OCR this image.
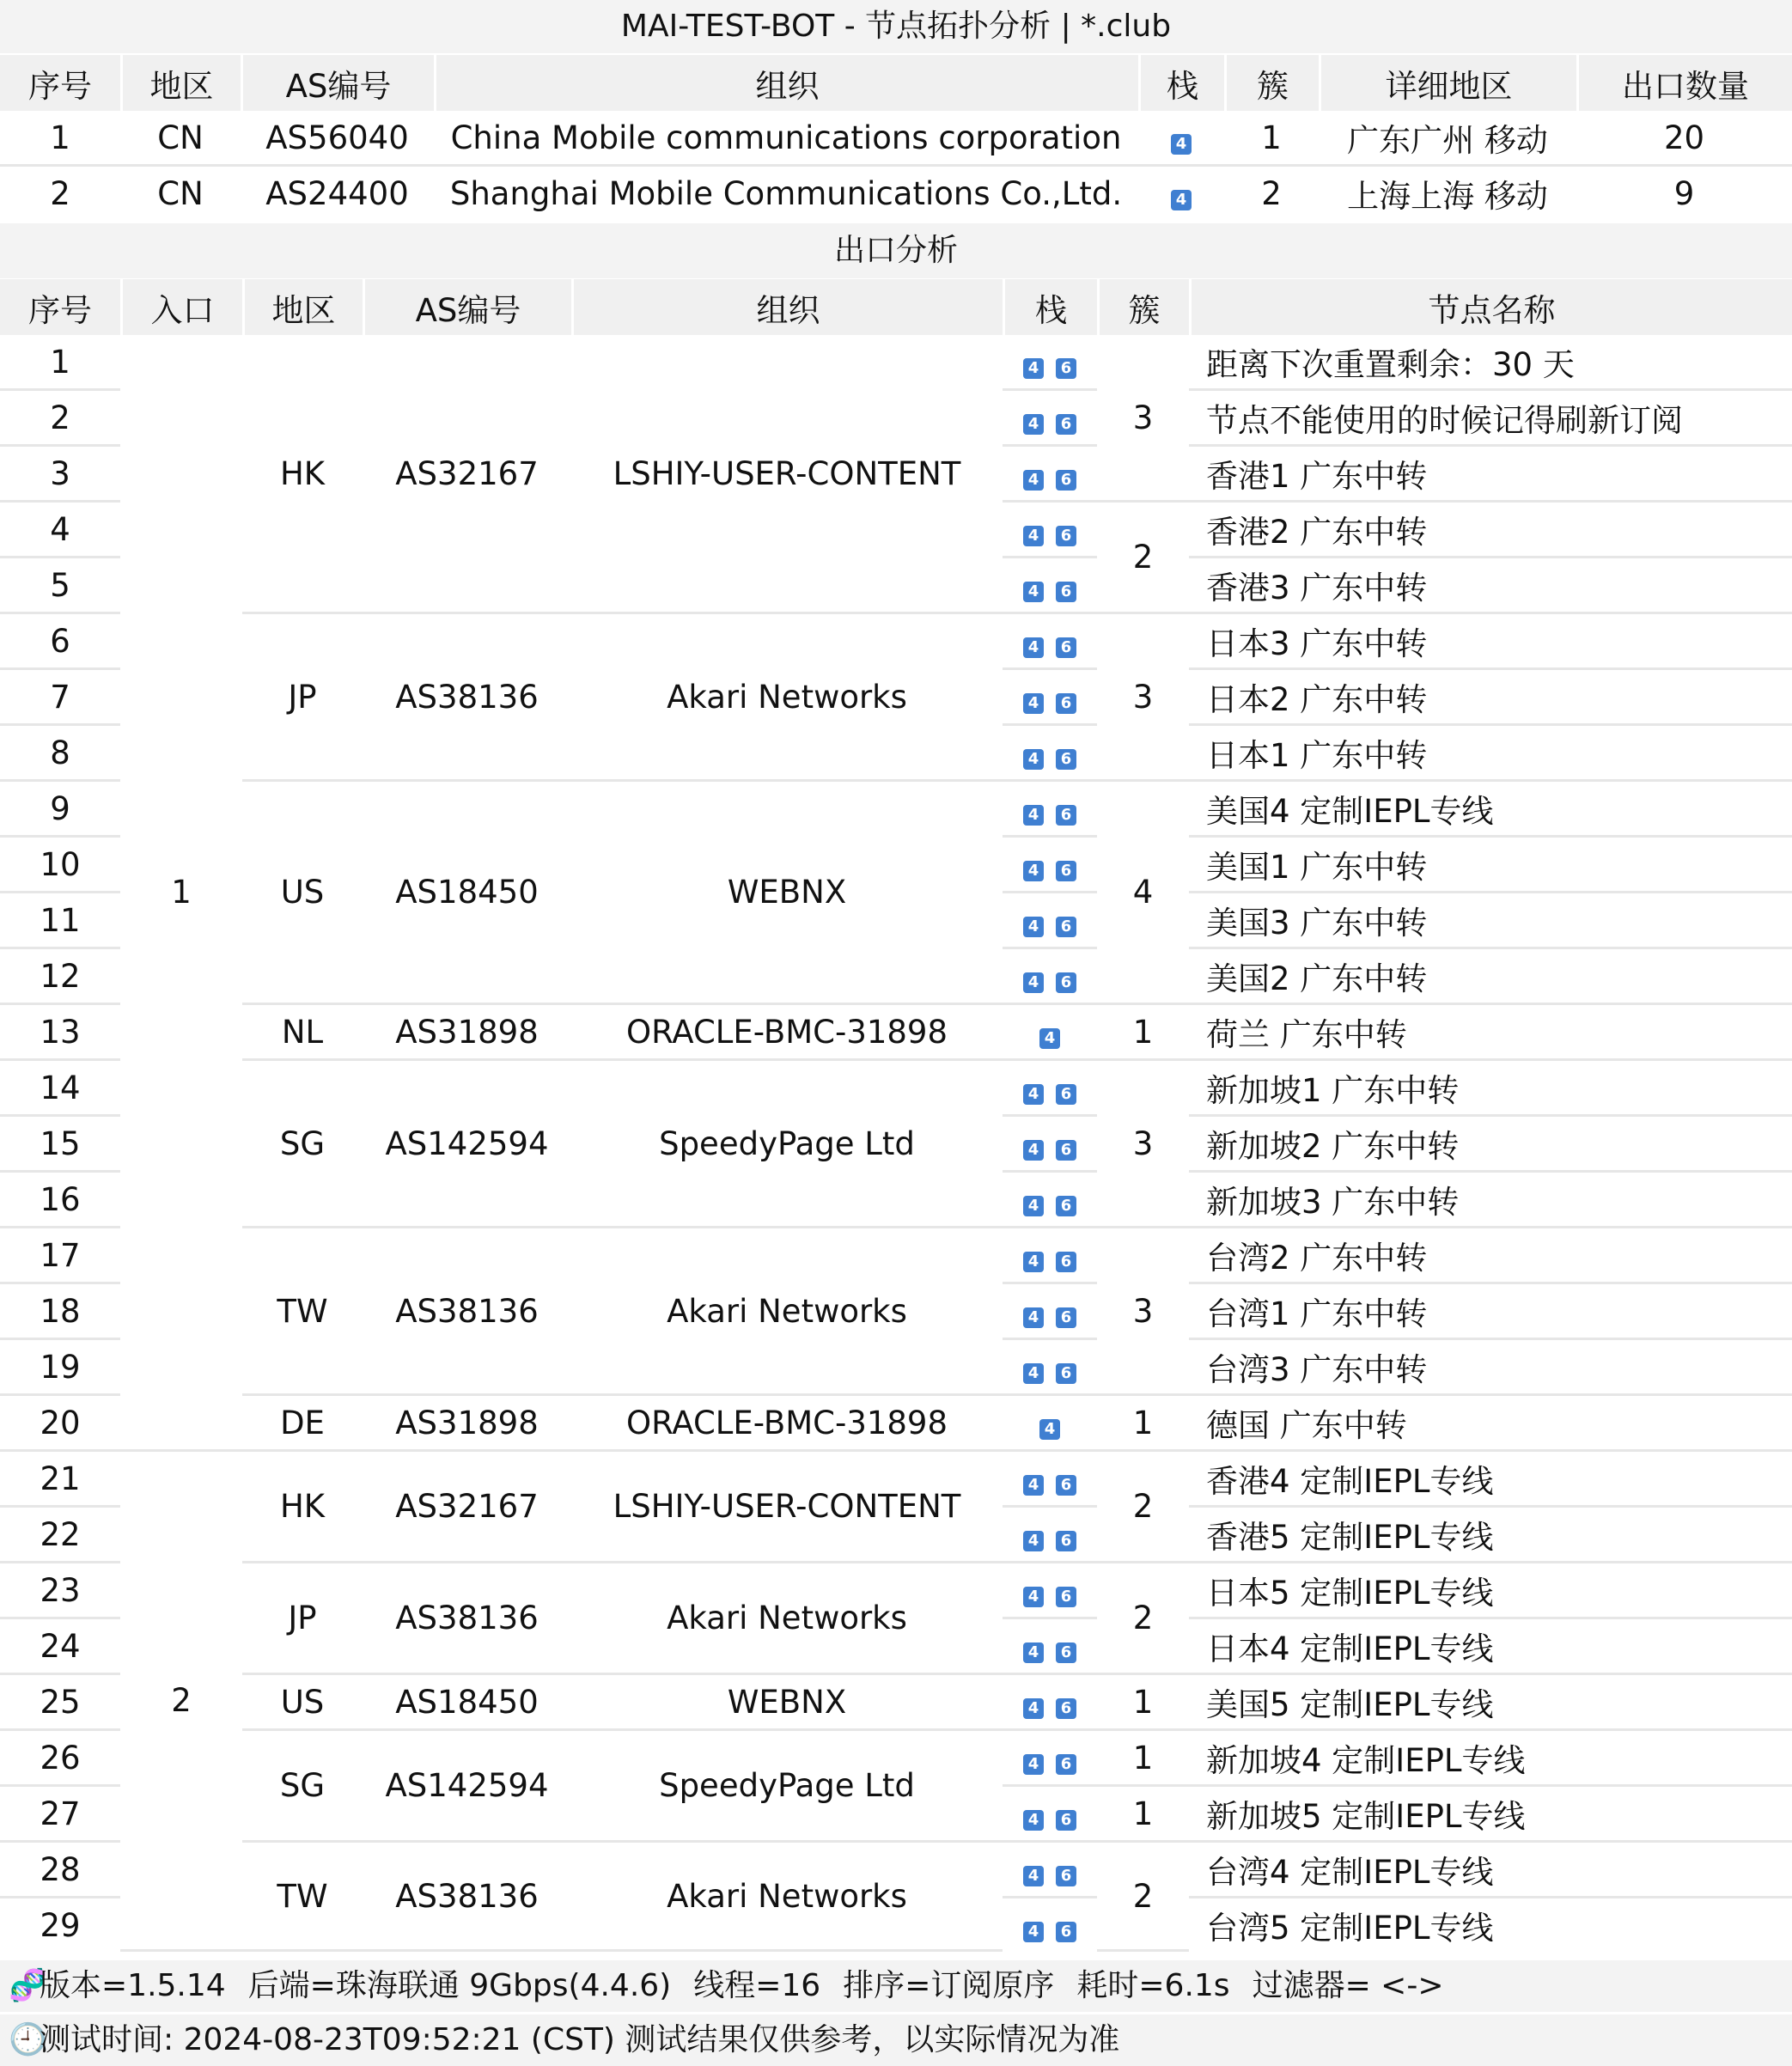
MAI-TEST-BOT - 节点拓扑分析 | *.club
序号	地区	AS编号	组织	栈	簇	详细地区	出口数量
1	CN	AS56040	China Mobile communications corporation	4	1	广东广州 移动	20
2	CN	AS24400	Shanghai Mobile Communications Co.,Ltd.	4	2	上海上海 移动	9
出口分析
序号	入口	地区	AS编号	组织	栈	簇	节点名称
1	1	HK	AS32167	LSHIY-USER-CONTENT	4 6	3	距离下次重置剩余：30 天
2					4 6		节点不能使用的时候记得刷新订阅
3					4 6		香港1 广东中转
4					4 6	2	香港2 广东中转
5					4 6		香港3 广东中转
6		JP	AS38136	Akari Networks	4 6	3	日本3 广东中转
7					4 6		日本2 广东中转
8					4 6		日本1 广东中转
9		US	AS18450	WEBNX	4 6	4	美国4 定制IEPL专线
10					4 6		美国1 广东中转
11					4 6		美国3 广东中转
12					4 6		美国2 广东中转
13		NL	AS31898	ORACLE-BMC-31898	4	1	荷兰 广东中转
14		SG	AS142594	SpeedyPage Ltd	4 6	3	新加坡1 广东中转
15					4 6		新加坡2 广东中转
16					4 6		新加坡3 广东中转
17		TW	AS38136	Akari Networks	4 6	3	台湾2 广东中转
18					4 6		台湾1 广东中转
19					4 6		台湾3 广东中转
20		DE	AS31898	ORACLE-BMC-31898	4	1	德国 广东中转
21	2	HK	AS32167	LSHIY-USER-CONTENT	4 6	2	香港4 定制IEPL专线
22					4 6		香港5 定制IEPL专线
23		JP	AS38136	Akari Networks	4 6	2	日本5 定制IEPL专线
24					4 6		日本4 定制IEPL专线
25		US	AS18450	WEBNX	4 6	1	美国5 定制IEPL专线
26		SG	AS142594	SpeedyPage Ltd	4 6	1	新加坡4 定制IEPL专线
27					4 6	1	新加坡5 定制IEPL专线
28		TW	AS38136	Akari Networks	4 6	2	台湾4 定制IEPL专线
29					4 6		台湾5 定制IEPL专线
🧬版本=1.5.14 后端=珠海联通 9Gbps(4.4.6) 线程=16 排序=订阅原序 耗时=6.1s 过滤器= <->
🕘测试时间: 2024-08-23T09:52:21 (CST) 测试结果仅供参考，以实际情况为准
